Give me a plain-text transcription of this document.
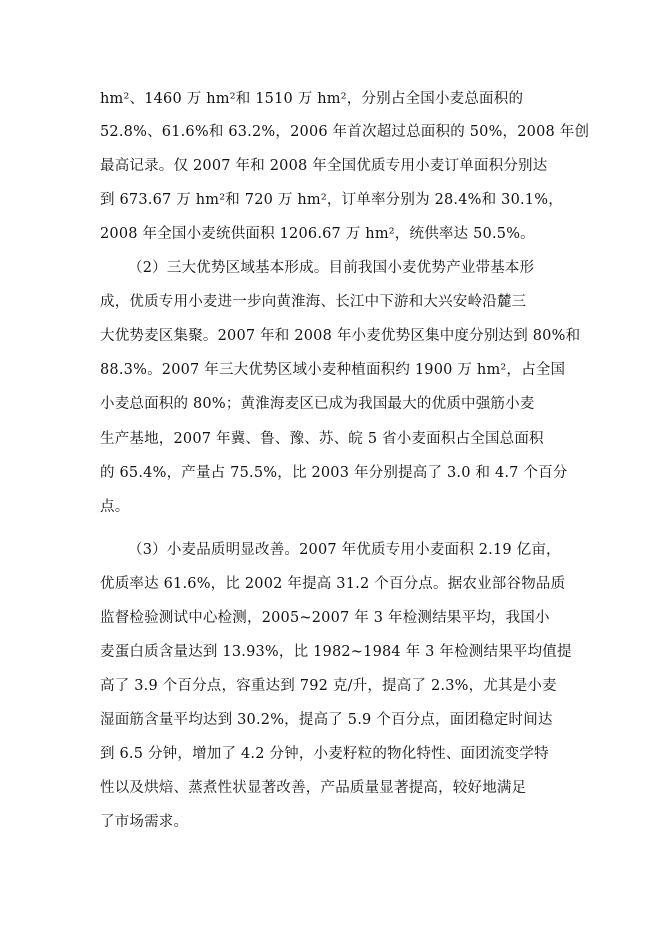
hm²、1460 万 hm²和 1510 万 hm²，分别占全国小麦总面积的
52.8%、61.6%和 63.2%，2006 年首次超过总面积的 50%，2008 年创
最高记录。仅 2007 年和 2008 年全国优质专用小麦订单面积分别达
到 673.67 万 hm²和 720 万 hm²，订单率分别为 28.4%和 30.1%，
2008 年全国小麦统供面积 1206.67 万 hm²，统供率达 50.5%。
（2）三大优势区域基本形成。目前我国小麦优势产业带基本形
成，优质专用小麦进一步向黄淮海、长江中下游和大兴安岭沿麓三
大优势麦区集聚。2007 年和 2008 年小麦优势区集中度分别达到 80%和
88.3%。2007 年三大优势区域小麦种植面积约 1900 万 hm²，占全国
小麦总面积的 80%；黄淮海麦区已成为我国最大的优质中强筋小麦
生产基地，2007 年冀、鲁、豫、苏、皖 5 省小麦面积占全国总面积
的 65.4%，产量占 75.5%，比 2003 年分别提高了 3.0 和 4.7 个百分
点。
（3）小麦品质明显改善。2007 年优质专用小麦面积 2.19 亿亩，
优质率达 61.6%，比 2002 年提高 31.2 个百分点。据农业部谷物品质
监督检验测试中心检测，2005~2007 年 3 年检测结果平均，我国小
麦蛋白质含量达到 13.93%，比 1982~1984 年 3 年检测结果平均值提
高了 3.9 个百分点，容重达到 792 克/升，提高了 2.3%，尤其是小麦
湿面筋含量平均达到 30.2%，提高了 5.9 个百分点，面团稳定时间达
到 6.5 分钟，增加了 4.2 分钟，小麦籽粒的物化特性、面团流变学特
性以及烘焙、蒸煮性状显著改善，产品质量显著提高，较好地满足
了市场需求。
